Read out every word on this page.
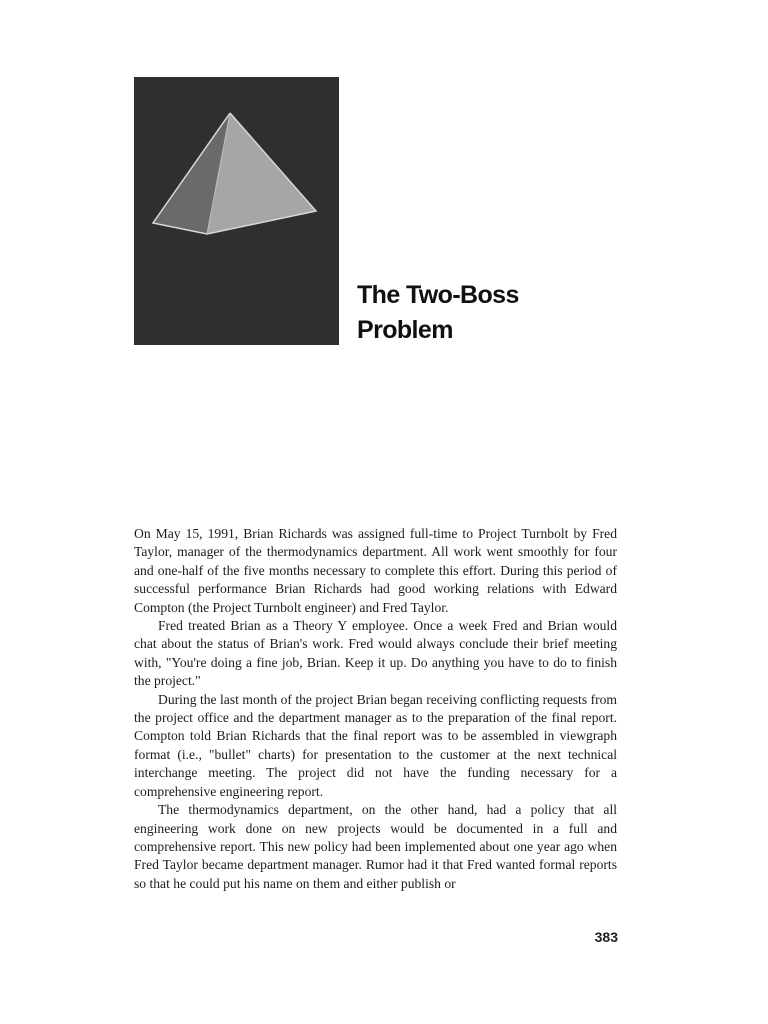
The Two-Boss
Problem

On May 15, 1991, Brian Richards was assigned full-time to Project Turnbolt by Fred Taylor, manager of the thermodynamics department. All work went smoothly for four and one-half of the five months necessary to complete this effort. During this period of successful performance Brian Richards had good working relations with Edward Compton (the Project Turnbolt engineer) and Fred Taylor.

Fred treated Brian as a Theory Y employee. Once a week Fred and Brian would chat about the status of Brian's work. Fred would always conclude their brief meeting with, "You're doing a fine job, Brian. Keep it up. Do anything you have to do to finish the project."

During the last month of the project Brian began receiving conflicting requests from the project office and the department manager as to the preparation of the final report. Compton told Brian Richards that the final report was to be assembled in viewgraph format (i.e., "bullet" charts) for presentation to the customer at the next technical interchange meeting. The project did not have the funding necessary for a comprehensive engineering report.

The thermodynamics department, on the other hand, had a policy that all engineering work done on new projects would be documented in a full and comprehensive report. This new policy had been implemented about one year ago when Fred Taylor became department manager. Rumor had it that Fred wanted formal reports so that he could put his name on them and either publish or

383
